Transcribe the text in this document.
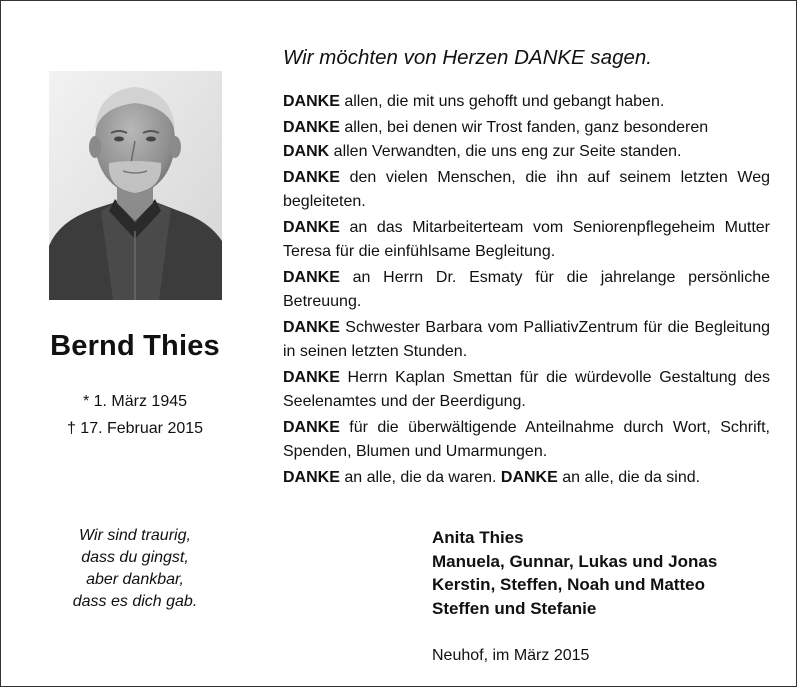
Bernd Thies
* 1. März 1945
† 17. Februar 2015
Wir sind traurig,
dass du gingst,
aber dankbar,
dass es dich gab.
Wir möchten von Herzen DANKE sagen.

DANKE allen, die mit uns gehofft und gebangt haben.

DANKE allen, bei denen wir Trost fanden, ganz besonderen

DANK allen Verwandten, die uns eng zur Seite standen.

DANKE den vielen Menschen, die ihn auf seinem letzten Weg begleiteten.

DANKE an das Mitarbeiterteam vom Seniorenpflegeheim Mutter Teresa für die einfühlsame Begleitung.

DANKE an Herrn Dr. Esmaty für die jahrelange persönliche Betreuung.

DANKE Schwester Barbara vom PalliativZentrum für die Begleitung in seinen letzten Stunden.

DANKE Herrn Kaplan Smettan für die würdevolle Gestaltung des Seelenamtes und der Beerdigung.

DANKE für die überwältigende Anteilnahme durch Wort, Schrift, Spenden, Blumen und Umarmungen.

DANKE an alle, die da waren. DANKE an alle, die da sind.

Anita Thies
Manuela, Gunnar, Lukas und Jonas
Kerstin, Steffen, Noah und Matteo
Steffen und Stefanie
Neuhof, im März 2015
